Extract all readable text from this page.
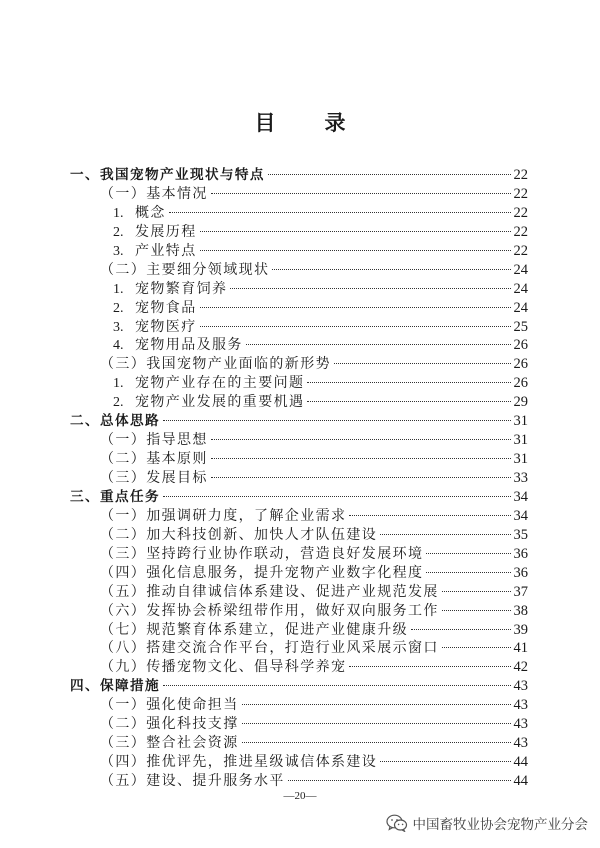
目　录
一、我国宠物产业现状与特点	22
（一）基本情况	22
1. 概念	22
2. 发展历程	22
3. 产业特点	22
（二）主要细分领域现状	24
1. 宠物繁育饲养	24
2. 宠物食品	24
3. 宠物医疗	25
4. 宠物用品及服务	26
（三）我国宠物产业面临的新形势	26
1. 宠物产业存在的主要问题	26
2. 宠物产业发展的重要机遇	29
二、总体思路	31
（一）指导思想	31
（二）基本原则	31
（三）发展目标	33
三、重点任务	34
（一）加强调研力度，了解企业需求	34
（二）加大科技创新、加快人才队伍建设	35
（三）坚持跨行业协作联动，营造良好发展环境	36
（四）强化信息服务，提升宠物产业数字化程度	36
（五）推动自律诚信体系建设、促进产业规范发展	37
（六）发挥协会桥梁纽带作用，做好双向服务工作	38
（七）规范繁育体系建立，促进产业健康升级	39
（八）搭建交流合作平台，打造行业风采展示窗口	41
（九）传播宠物文化、倡导科学养宠	42
四、保障措施	43
（一）强化使命担当	43
（二）强化科技支撑	43
（三）整合社会资源	43
（四）推优评先，推进星级诚信体系建设	44
（五）建设、提升服务水平	44
—20—
中国畜牧业协会宠物产业分会
